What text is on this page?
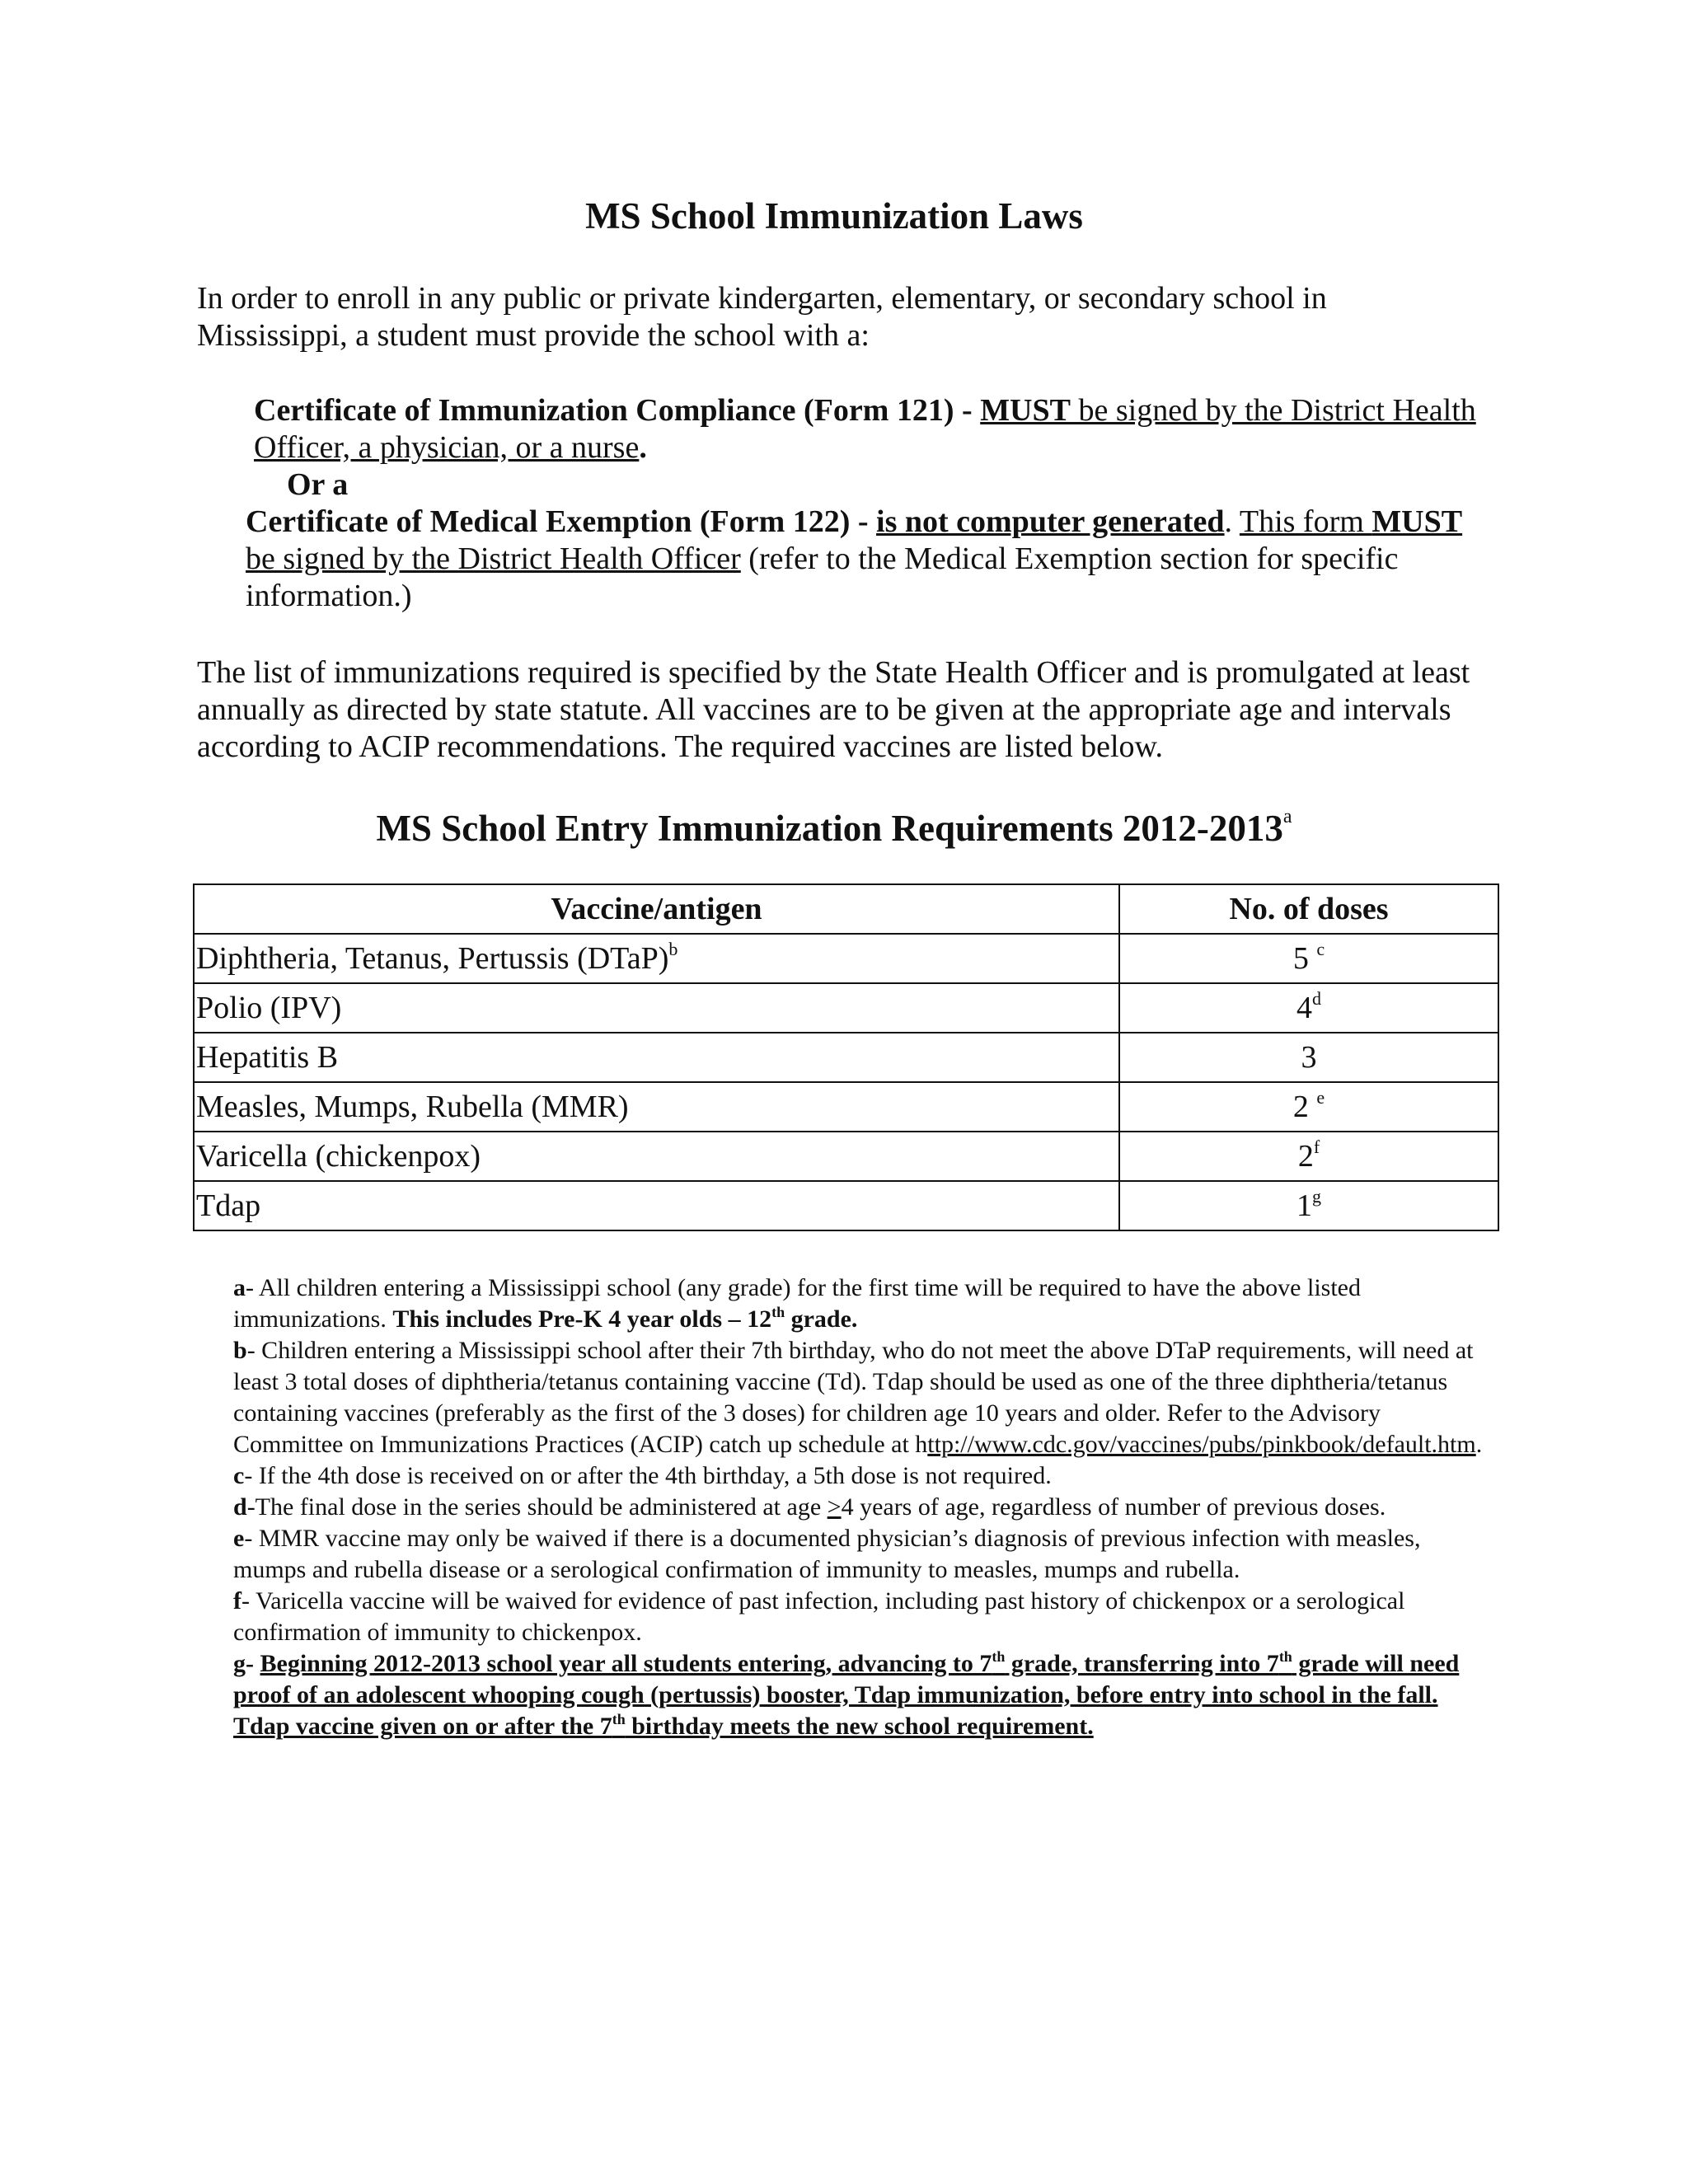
MS School Immunization Laws

In order to enroll in any public or private kindergarten, elementary, or secondary school in Mississippi, a student must provide the school with a:

Certificate of Immunization Compliance (Form 121) - MUST be signed by the District Health Officer, a physician, or a nurse.

Or a

Certificate of Medical Exemption (Form 122) - is not computer generated. This form MUST be signed by the District Health Officer (refer to the Medical Exemption section for specific information.)

The list of immunizations required is specified by the State Health Officer and is promulgated at least annually as directed by state statute. All vaccines are to be given at the appropriate age and intervals according to ACIP recommendations. The required vaccines are listed below.

MS School Entry Immunization Requirements 2012-2013$^a$
Vaccine/antigen	No. of doses
Diphtheria, Tetanus, Pertussis (DTaP)$^b$	5 $^c$
Polio (IPV)	4$^d$
Hepatitis B	3
Measles, Mumps, Rubella (MMR)	2 $^e$
Varicella (chickenpox)	2$^f$
Tdap	1$^g$

a- All children entering a Mississippi school (any grade) for the first time will be required to have the above listed immunizations. This includes Pre-K 4 year olds – 12th grade.

b- Children entering a Mississippi school after their 7th birthday, who do not meet the above DTaP requirements, will need at least 3 total doses of diphtheria/tetanus containing vaccine (Td). Tdap should be used as one of the three diphtheria/tetanus containing vaccines (preferably as the first of the 3 doses) for children age 10 years and older. Refer to the Advisory Committee on Immunizations Practices (ACIP) catch up schedule at http://www.cdc.gov/vaccines/pubs/pinkbook/default.htm.

c- If the 4th dose is received on or after the 4th birthday, a 5th dose is not required.

d-The final dose in the series should be administered at age ≥4 years of age, regardless of number of previous doses.

e- MMR vaccine may only be waived if there is a documented physician’s diagnosis of previous infection with measles, mumps and rubella disease or a serological confirmation of immunity to measles, mumps and rubella.

f- Varicella vaccine will be waived for evidence of past infection, including past history of chickenpox or a serological confirmation of immunity to chickenpox.

g- Beginning 2012-2013 school year all students entering, advancing to 7th grade, transferring into 7th grade will need proof of an adolescent whooping cough (pertussis) booster, Tdap immunization, before entry into school in the fall. Tdap vaccine given on or after the 7th birthday meets the new school requirement.
